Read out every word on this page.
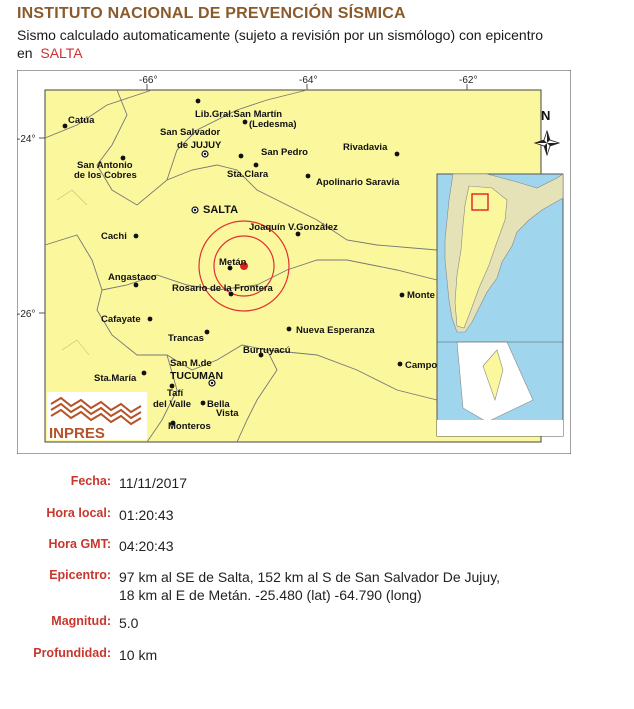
INSTITUTO NACIONAL DE PREVENCIÓN SÍSMICA
Sismo calculado automaticamente (sujeto a revisión por un sismólogo) con epicentro
en SALTA
-66°	-64°	-62°
-24°
-26°
N
Catúa
Lib.Gral.San Martín
(Ledesma)
San Salvador
de JUJUY
San Pedro	Rivadavia
San Antonio
de los Cobres	Sta.Clara
Apolinario Saravia
SALTA
Joaquín V.González
Cachi
Metán
Angastaco
Rosario de la Frontera
Monte
Cafayate
Nueva Esperanza
Trancas
Burruyacú
San M.de
TUCUMAN
Campo
Sta.María
Tafí
del Valle Bella
Vista
Monteros
INPRES
Fecha: 11/11/2017
Hora local: 01:20:43
Hora GMT: 04:20:43
Epicentro: 97 km al SE de Salta, 152 km al S de San Salvador De Jujuy, 18 km al E de Metán. -25.480 (lat) -64.790 (long)
Magnitud: 5.0
Profundidad: 10 km
